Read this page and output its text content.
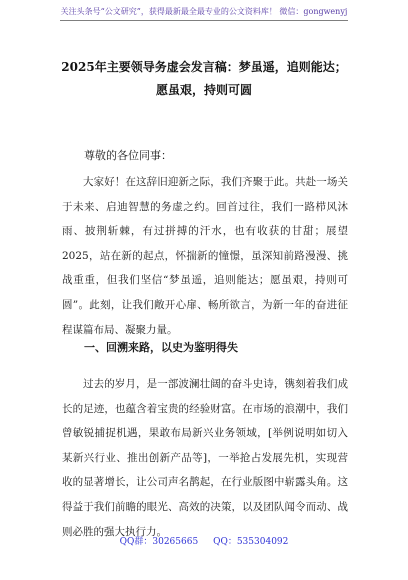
关注头条号“公文研究”，获得最新最全最专业的公文资料库！ 微信：gongwenyj
2025年主要领导务虚会发言稿：梦虽遥，追则能达；愿虽艰，持则可圆
尊敬的各位同事：

大家好！在这辞旧迎新之际，我们齐聚于此。共赴一场关于未来、启迪智慧的务虚之约。回首过往，我们一路栉风沐雨、披荆斩棘，有过拼搏的汗水，也有收获的甘甜；展望2025，站在新的起点，怀揣新的憧憬，虽深知前路漫漫、挑战重重，但我们坚信“梦虽遥，追则能达；愿虽艰，持则可圆”。此刻，让我们敞开心扉、畅所欲言，为新一年的奋进征程谋篇布局、凝聚力量。

一、回溯来路，以史为鉴明得失

过去的岁月，是一部波澜壮阔的奋斗史诗，镌刻着我们成长的足迹，也蕴含着宝贵的经验财富。在市场的浪潮中，我们曾敏锐捕捉机遇，果敢布局新兴业务领域，[举例说明如切入某新兴行业、推出创新产品等]，一举抢占发展先机，实现营收的显著增长，让公司声名鹊起，在行业版图中崭露头角。这得益于我们前瞻的眼光、高效的决策，以及团队闻令而动、战则必胜的强大执行力。

QQ群：30265665 QQ：535304092
